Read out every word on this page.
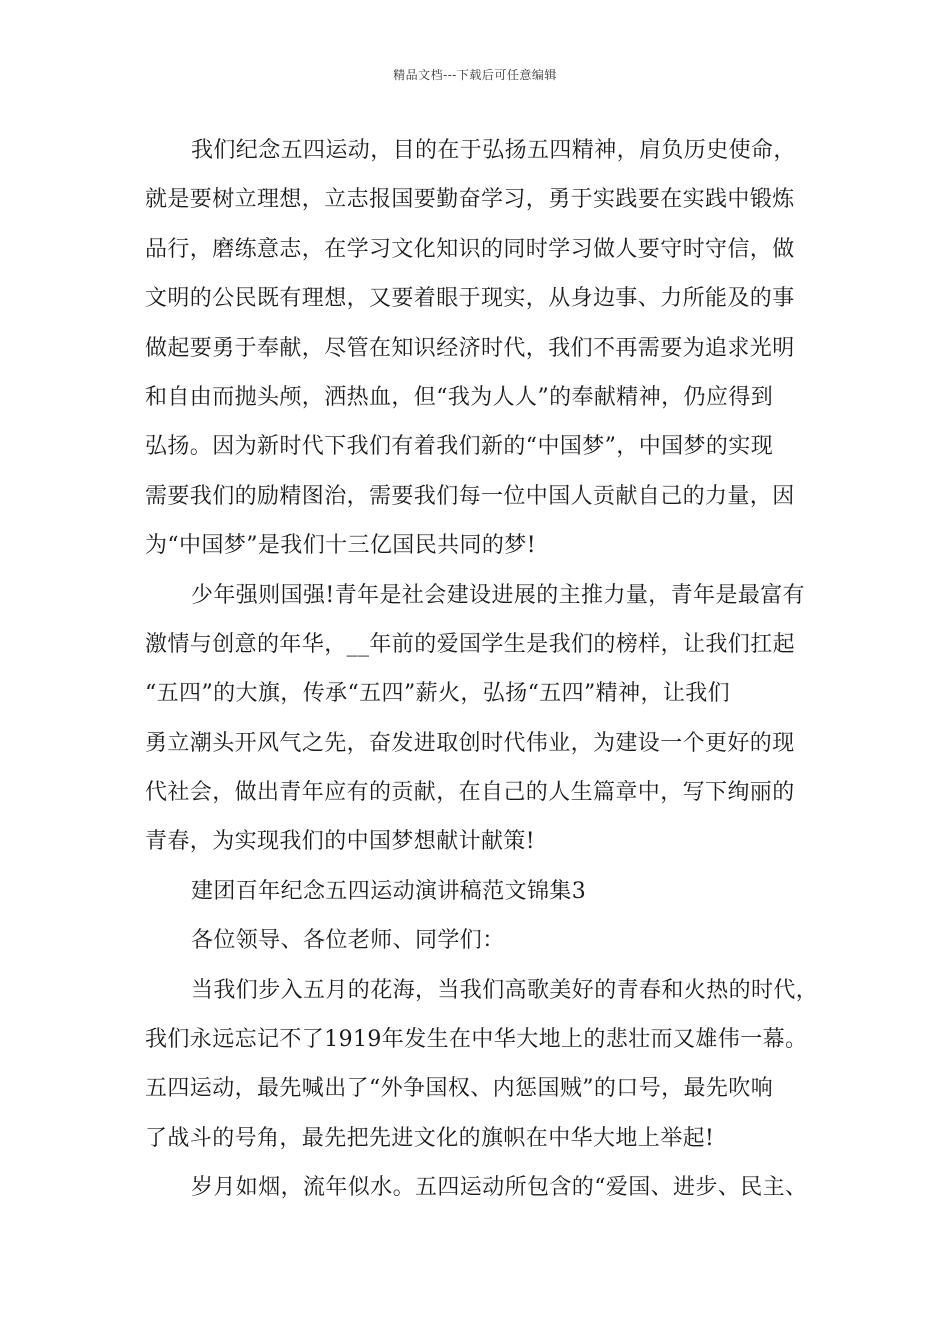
精品文档---下载后可任意编辑
我们纪念五四运动，目的在于弘扬五四精神，肩负历史使命，
就是要树立理想，立志报国要勤奋学习，勇于实践要在实践中锻炼
品行，磨练意志，在学习文化知识的同时学习做人要守时守信，做
文明的公民既有理想，又要着眼于现实，从身边事、力所能及的事
做起要勇于奉献，尽管在知识经济时代，我们不再需要为追求光明
和自由而抛头颅，洒热血，但“我为人人”的奉献精神，仍应得到
弘扬。因为新时代下我们有着我们新的“中国梦”，中国梦的实现
需要我们的励精图治，需要我们每一位中国人贡献自己的力量，因
为“中国梦”是我们十三亿国民共同的梦!
少年强则国强!青年是社会建设进展的主推力量，青年是最富有
激情与创意的年华，__年前的爱国学生是我们的榜样，让我们扛起
“五四”的大旗，传承“五四”薪火，弘扬“五四”精神，让我们
勇立潮头开风气之先，奋发进取创时代伟业，为建设一个更好的现
代社会，做出青年应有的贡献，在自己的人生篇章中，写下绚丽的
青春，为实现我们的中国梦想献计献策!
建团百年纪念五四运动演讲稿范文锦集3
各位领导、各位老师、同学们：
当我们步入五月的花海，当我们高歌美好的青春和火热的时代，
我们永远忘记不了1919年发生在中华大地上的悲壮而又雄伟一幕。
五四运动，最先喊出了“外争国权、内惩国贼”的口号，最先吹响
了战斗的号角，最先把先进文化的旗帜在中华大地上举起!
岁月如烟，流年似水。五四运动所包含的“爱国、进步、民主、
